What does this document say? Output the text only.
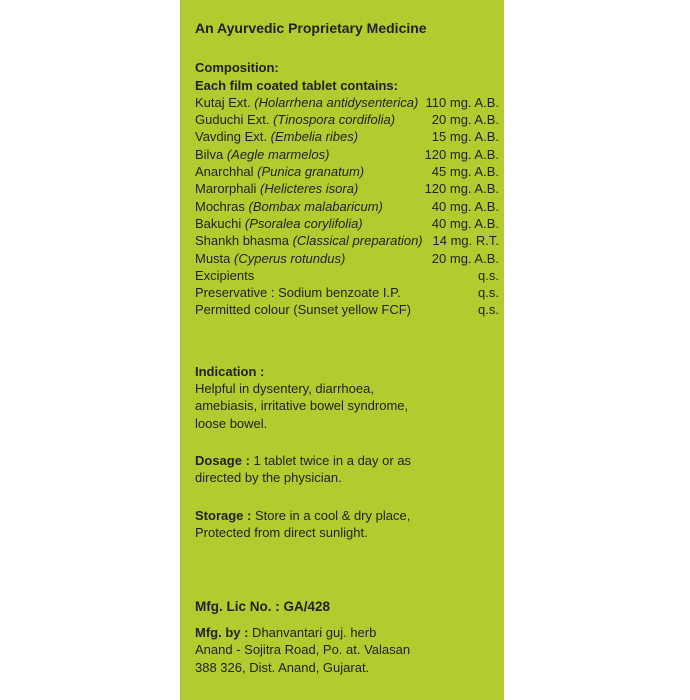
An Ayurvedic Proprietary Medicine
Composition:
Each film coated tablet contains:
Kutaj Ext. (Holarrhena antidysenterica) 110 mg. A.B.
Guduchi Ext. (Tinospora cordifolia)	20 mg. A.B.
Vavding Ext. (Embelia ribes)	15 mg. A.B.
Bilva (Aegle marmelos)	120 mg. A.B.
Anarchhal (Punica granatum)	45 mg. A.B.
Marorphali (Helicteres isora)	120 mg. A.B.
Mochras (Bombax malabaricum)	40 mg. A.B.
Bakuchi (Psoralea corylifolia)	40 mg. A.B.
Shankh bhasma (Classical preparation) 14 mg. R.T.
Musta (Cyperus rotundus)	20 mg. A.B.
Excipients	q.s.
Preservative : Sodium benzoate I.P.	q.s.
Permitted colour (Sunset yellow FCF)	q.s.
Indication :
Helpful in dysentery, diarrhoea,
amebiasis, irritative bowel syndrome,
loose bowel.
Dosage : 1 tablet twice in a day or as
directed by the physician.
Storage : Store in a cool & dry place,
Protected from direct sunlight.
Mfg. Lic No. : GA/428
Mfg. by : Dhanvantari guj. herb
Anand - Sojitra Road, Po. at. Valasan
388 326, Dist. Anand, Gujarat.
